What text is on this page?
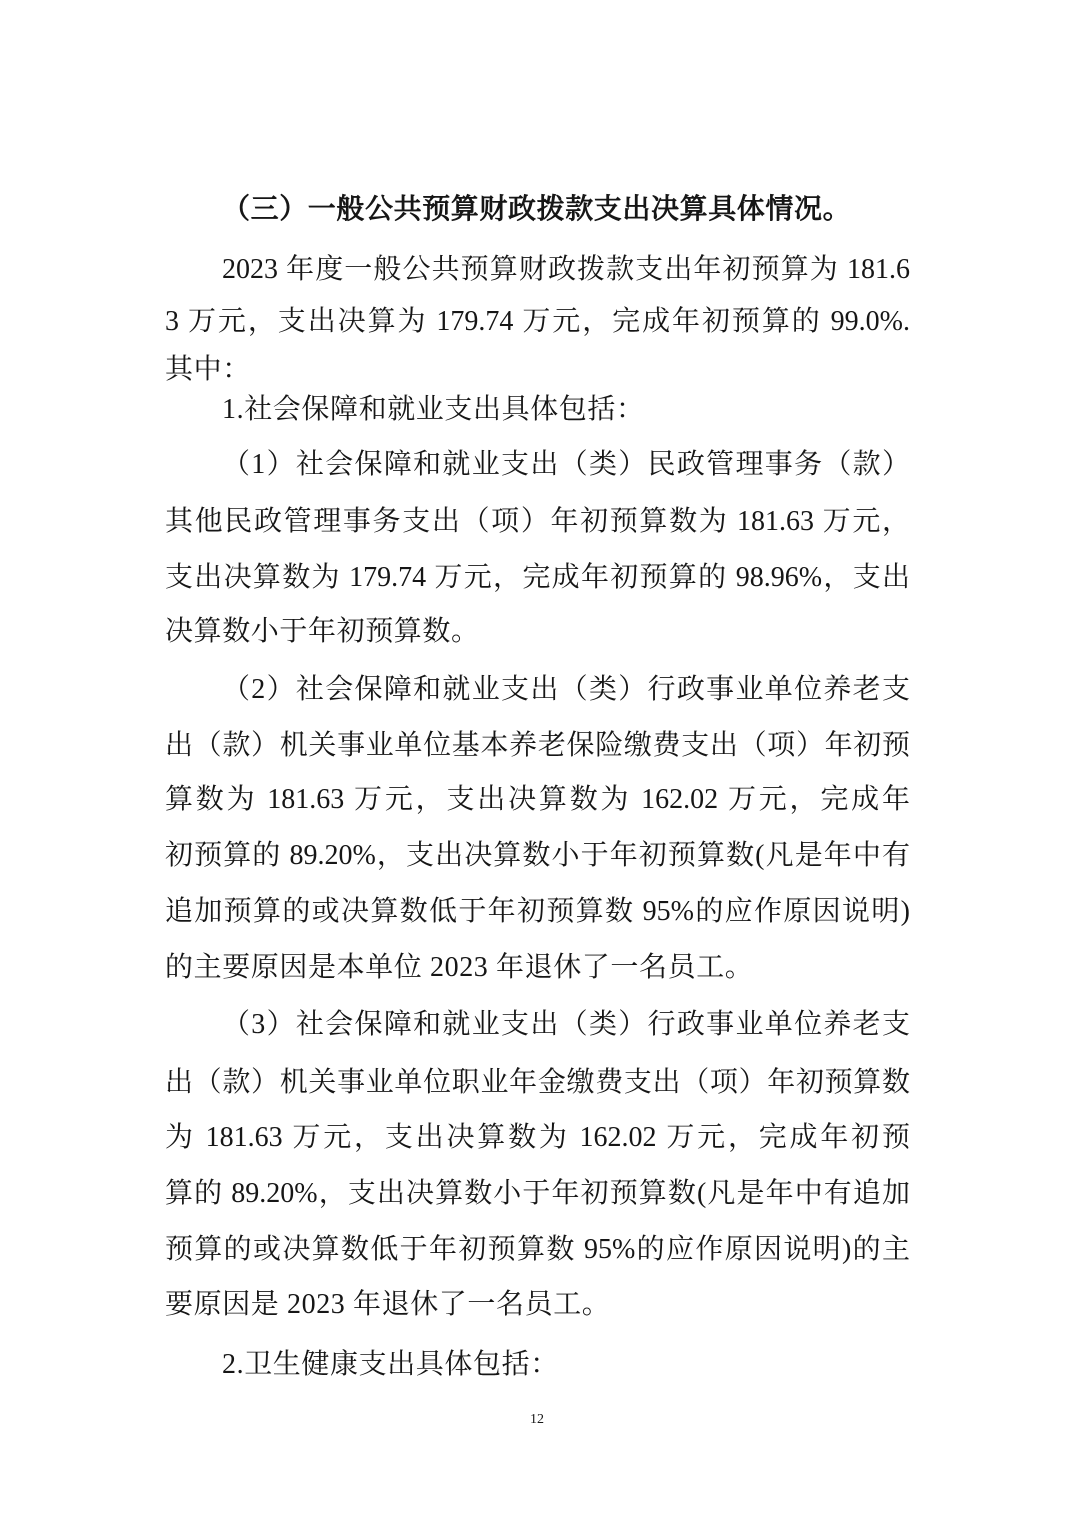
（三）一般公共预算财政拨款支出决算具体情况。
2023 年度一般公共预算财政拨款支出年初预算为 181.6
3 万元，支出决算为 179.74 万元，完成年初预算的 99.0%.
其中：
1.社会保障和就业支出具体包括：
（1）社会保障和就业支出（类）民政管理事务（款）
其他民政管理事务支出（项）年初预算数为 181.63 万元，
支出决算数为 179.74 万元，完成年初预算的 98.96%，支出
决算数小于年初预算数。
（2）社会保障和就业支出（类）行政事业单位养老支
出（款）机关事业单位基本养老保险缴费支出（项）年初预
算数为 181.63 万元，支出决算数为 162.02 万元，完成年
初预算的 89.20%，支出决算数小于年初预算数(凡是年中有
追加预算的或决算数低于年初预算数 95%的应作原因说明)
的主要原因是本单位 2023 年退休了一名员工。
（3）社会保障和就业支出（类）行政事业单位养老支
出（款）机关事业单位职业年金缴费支出（项）年初预算数
为 181.63 万元，支出决算数为 162.02 万元，完成年初预
算的 89.20%，支出决算数小于年初预算数(凡是年中有追加
预算的或决算数低于年初预算数 95%的应作原因说明)的主
要原因是 2023 年退休了一名员工。
2.卫生健康支出具体包括：
12
